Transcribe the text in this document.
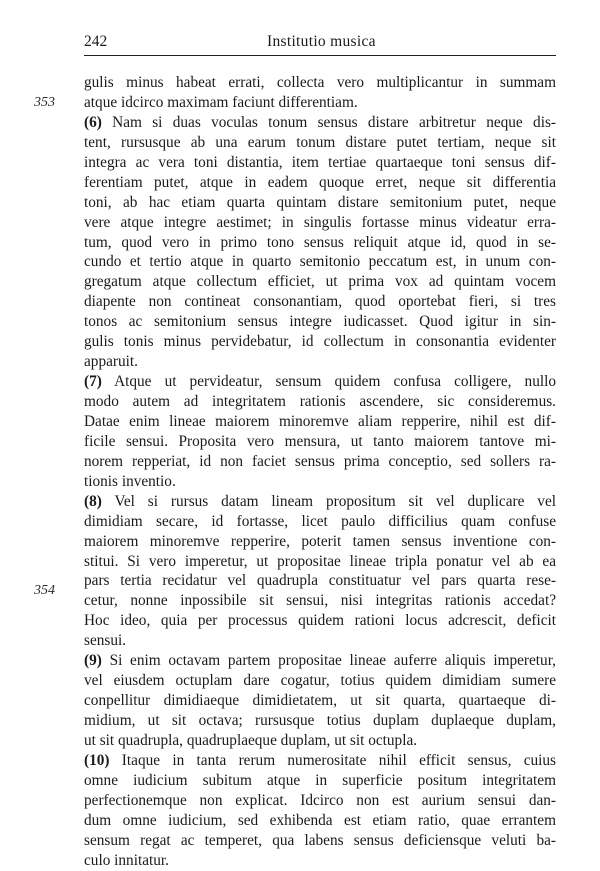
242	Institutio musica
353
354
gulis minus habeat errati, collecta vero multiplicantur in summam
atque idcirco maximam faciunt differentiam.
(6) Nam si duas voculas tonum sensus distare arbitretur neque dis-
tent, rursusque ab una earum tonum distare putet tertiam, neque sit
integra ac vera toni distantia, item tertiae quartaeque toni sensus dif-
ferentiam putet, atque in eadem quoque erret, neque sit differentia
toni, ab hac etiam quarta quintam distare semitonium putet, neque
vere atque integre aestimet; in singulis fortasse minus videatur errа-
tum, quod vero in primo tono sensus reliquit atque id, quod in se-
cundo et tertio atque in quarto semitonio peccatum est, in unum con-
gregatum atque collectum efficiet, ut prima vox ad quintam vocem
diapente non contineat consonantiam, quod oportebat fieri, si tres
tonos ac semitonium sensus integre iudicasset. Quod igitur in sin-
gulis tonis minus pervidebatur, id collectum in consonantia evidenter
apparuit.
(7) Atque ut pervideatur, sensum quidem confusa colligere, nullo
modo autem ad integritatem rationis ascendere, sic consideremus.
Datae enim lineae maiorem minoremve aliam repperire, nihil est dif-
ficile sensui. Proposita vero mensura, ut tanto maiorem tantove mi-
norem repperiat, id non faciet sensus prima conceptio, sed sollers ra-
tionis inventio.
(8) Vel si rursus datam lineam propositum sit vel duplicare vel
dimidiam secare, id fortasse, licet paulo difficilius quam confuse
maiorem minoremve repperire, poterit tamen sensus inventione con-
stitui. Si vero imperetur, ut propositae lineae tripla ponatur vel ab ea
pars tertia recidatur vel quadrupla constituatur vel pars quarta rese-
cetur, nonne inpossibile sit sensui, nisi integritas rationis accedat?
Hoc ideo, quia per processus quidem rationi locus adcrescit, deficit
sensui.
(9) Si enim octavam partem propositae lineae auferre aliquis imperetur,
vel eiusdem octuplam dare cogatur, totius quidem dimidiam sumere
conpellitur dimidiaeque dimidietatem, ut sit quarta, quartaeque di-
midium, ut sit octava; rursusque totius duplam duplaeque duplam,
ut sit quadrupla, quadruplaeque duplam, ut sit octupla.
(10) Itaque in tanta rerum numerositate nihil efficit sensus, cuius
omne iudicium subitum atque in superficie positum integritatem
perfectionemque non explicat. Idcirco non est aurium sensui dan-
dum omne iudicium, sed exhibenda est etiam ratio, quae errantem
sensum regat ac temperet, qua labens sensus deficiensque veluti ba-
culo innitatur.
